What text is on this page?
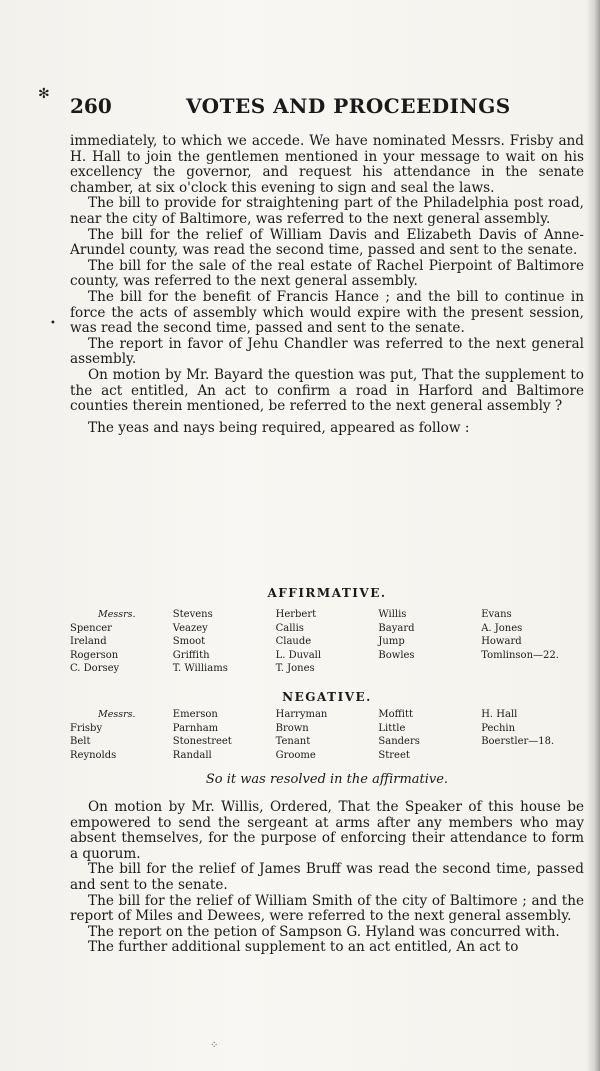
✻
•
260	VOTES AND PROCEEDINGS

immediately, to which we accede. We have nominated Messrs. Frisby and H. Hall to join the gentlemen mentioned in your message to wait on his excellency the governor, and request his attendance in the senate chamber, at six o'clock this evening to sign and seal the laws.

The bill to provide for straightening part of the Philadelphia post road, near the city of Baltimore, was referred to the next general assembly.

The bill for the relief of William Davis and Elizabeth Davis of Anne-Arundel county, was read the second time, passed and sent to the senate.

The bill for the sale of the real estate of Rachel Pierpoint of Baltimore county, was referred to the next general assembly.

The bill for the benefit of Francis Hance ; and the bill to continue in force the acts of assembly which would expire with the present session, was read the second time, passed and sent to the senate.

The report in favor of Jehu Chandler was referred to the next general assembly.

On motion by Mr. Bayard the question was put, That the supplement to the act entitled, An act to confirm a road in Harford and Baltimore counties therein mentioned, be referred to the next general assembly ?

The yeas and nays being required, appeared as follow :

AFFIRMATIVE.
Messrs.	Stevens	Herbert	Willis	Evans
Spencer	Veazey	Callis	Bayard	A. Jones
Ireland	Smoot	Claude	Jump	Howard
Rogerson	Griffith	L. Duvall	Bowles	Tomlinson—22.
C. Dorsey	T. Williams	T. Jones		
NEGATIVE.
Messrs.	Emerson	Harryman	Moffitt	H. Hall
Frisby	Parnham	Brown	Little	Pechin
Belt	Stonestreet	Tenant	Sanders	Boerstler—18.
Reynolds	Randall	Groome	Street	
So it was resolved in the affirmative.

On motion by Mr. Willis, Ordered, That the Speaker of this house be empowered to send the sergeant at arms after any members who may absent themselves, for the purpose of enforcing their attendance to form a quorum.

The bill for the relief of James Bruff was read the second time, passed and sent to the senate.

The bill for the relief of William Smith of the city of Baltimore ; and the report of Miles and Dewees, were referred to the next general assembly.

The report on the petion of Sampson G. Hyland was concurred with.

The further additional supplement to an act entitled, An act to

⁘
